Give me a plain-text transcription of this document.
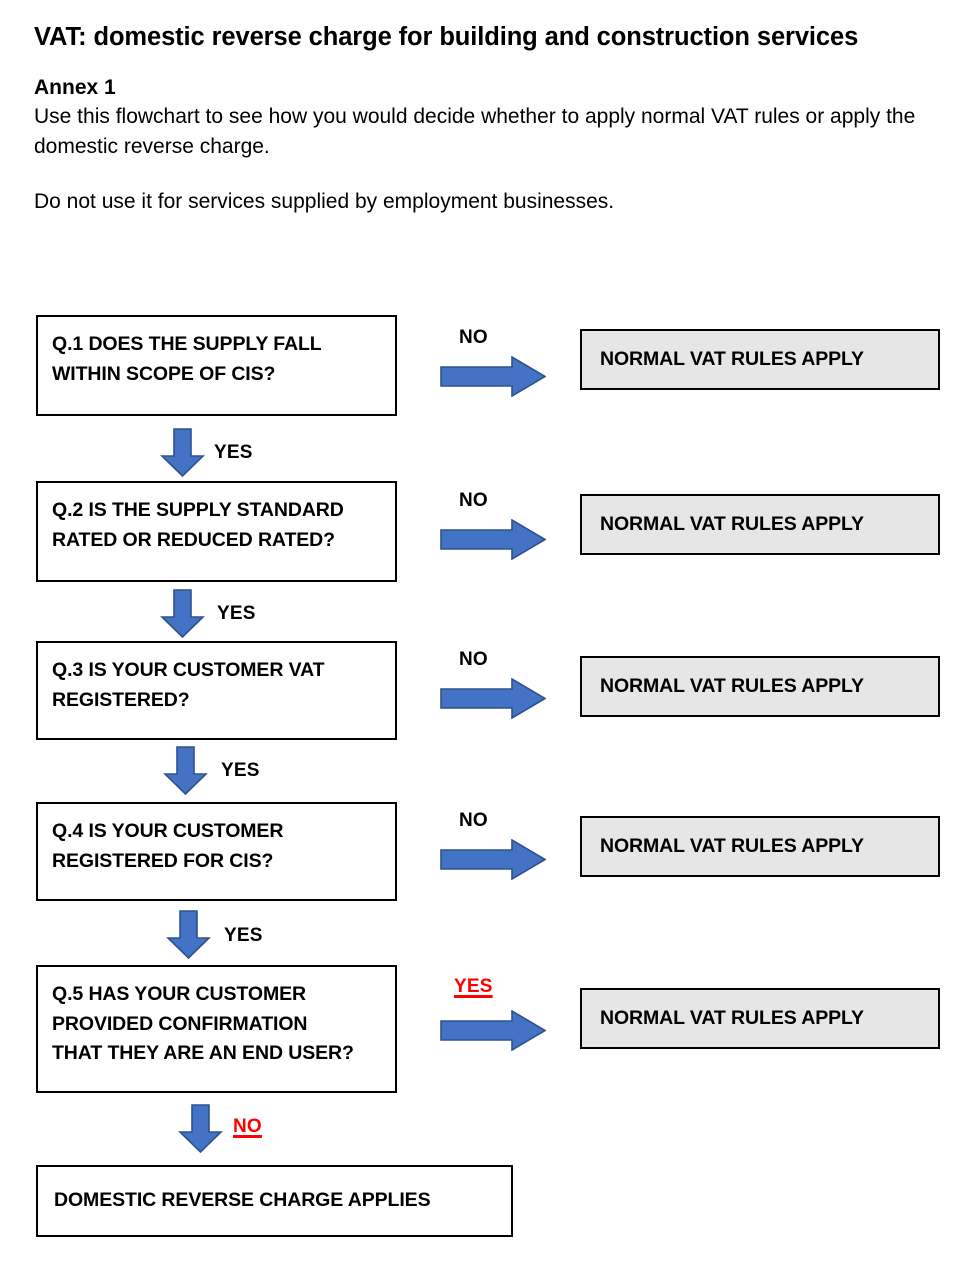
VAT: domestic reverse charge for building and construction services

Annex 1

Use this flowchart to see how you would decide whether to apply normal VAT rules or apply the domestic reverse charge.

Do not use it for services supplied by employment businesses.

Q.1 DOES THE SUPPLY FALL
WITHIN SCOPE OF CIS?
NO
NORMAL VAT RULES APPLY
YES
Q.2 IS THE SUPPLY STANDARD
RATED OR REDUCED RATED?
NO
NORMAL VAT RULES APPLY
YES
Q.3 IS YOUR CUSTOMER VAT
REGISTERED?
NO
NORMAL VAT RULES APPLY
YES
Q.4 IS YOUR CUSTOMER
REGISTERED FOR CIS?
NO
NORMAL VAT RULES APPLY
YES
Q.5 HAS YOUR CUSTOMER
PROVIDED CONFIRMATION
THAT THEY ARE AN END USER?
YES
NORMAL VAT RULES APPLY
NO
DOMESTIC REVERSE CHARGE APPLIES
